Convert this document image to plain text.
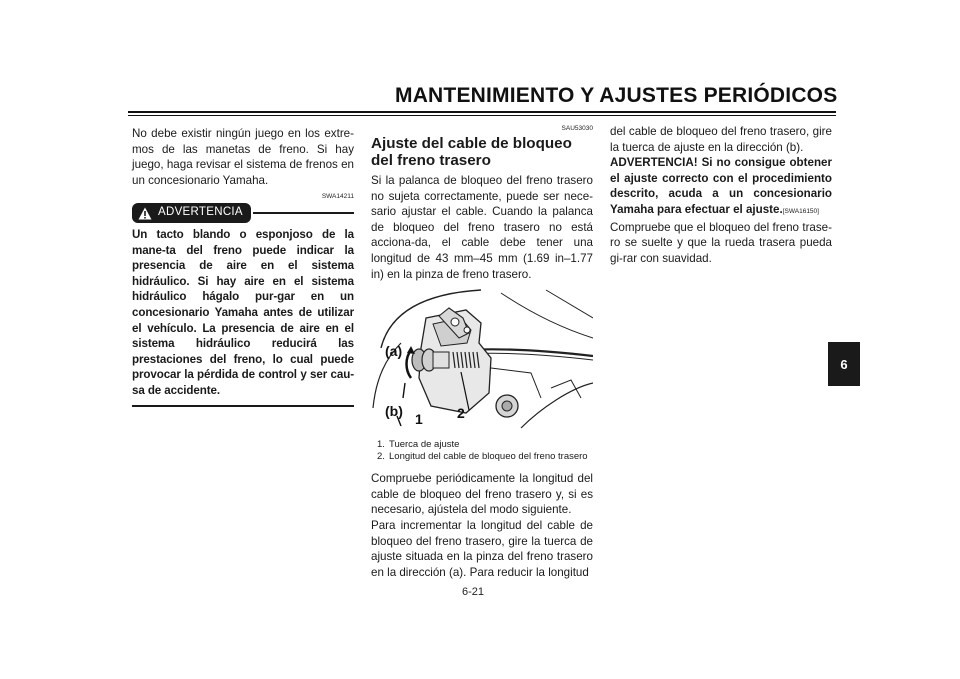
MANTENIMIENTO Y AJUSTES PERIÓDICOS

No debe existir ningún juego en los extre-mos de las manetas de freno. Si hay juego, haga revisar el sistema de frenos en un concesionario Yamaha.

SWA14211
ADVERTENCIA

Un tacto blando o esponjoso de la mane-ta del freno puede indicar la presencia de aire en el sistema hidráulico. Si hay aire en el sistema hidráulico hágalo pur-gar en un concesionario Yamaha antes de utilizar el vehículo. La presencia de aire en el sistema hidráulico reducirá las prestaciones del freno, lo cual puede provocar la pérdida de control y ser cau-sa de accidente.

SAU53030
Ajuste del cable de bloqueo del freno trasero

Si la palanca de bloqueo del freno trasero no sujeta correctamente, puede ser nece-sario ajustar el cable. Cuando la palanca de bloqueo del freno trasero no está acciona-da, el cable debe tener una longitud de 43 mm–45 mm (1.69 in–1.77 in) en la pinza de freno trasero.

(a)
(b) 1 2
1. Tuerca de ajuste
2. Longitud del cable de bloqueo del freno trasero

Compruebe periódicamente la longitud del cable de bloqueo del freno trasero y, si es necesario, ajústela del modo siguiente.

Para incrementar la longitud del cable de bloqueo del freno trasero, gire la tuerca de ajuste situada en la pinza del freno trasero en la dirección (a). Para reducir la longitud

del cable de bloqueo del freno trasero, gire la tuerca de ajuste en la dirección (b).

ADVERTENCIA! Si no consigue obtener el ajuste correcto con el procedimiento descrito, acuda a un concesionario Yamaha para efectuar el ajuste.[SWA16150]

Compruebe que el bloqueo del freno trase-ro se suelte y que la rueda trasera pueda gi-rar con suavidad.

6
6-21
